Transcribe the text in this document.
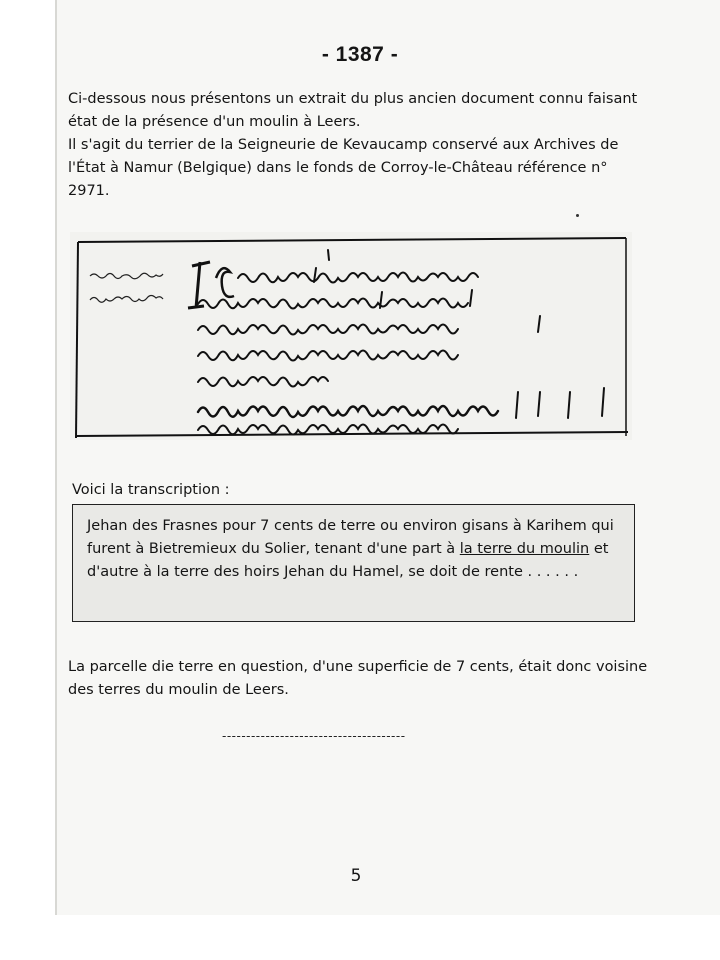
- 1387 -

Ci-dessous nous présentons un extrait du plus ancien document connu faisant état de la présence d'un moulin à Leers.

Il s'agit du terrier de la Seigneurie de Kevaucamp conservé aux Archives de l'État à Namur (Belgique) dans le fonds de Corroy-le-Château référence n° 2971.

Voici la transcription :

Jehan des Frasnes pour 7 cents de terre ou environ gisans à Karihem qui furent à Bietremieux du Solier, tenant d'une part à la terre du moulin et d'autre à la terre des hoirs Jehan du Hamel, se doit de rente . . . . . .

La parcelle die terre en question, d'une superficie de 7 cents, était donc voisine des terres du moulin de Leers.

--------------------------------------
5
